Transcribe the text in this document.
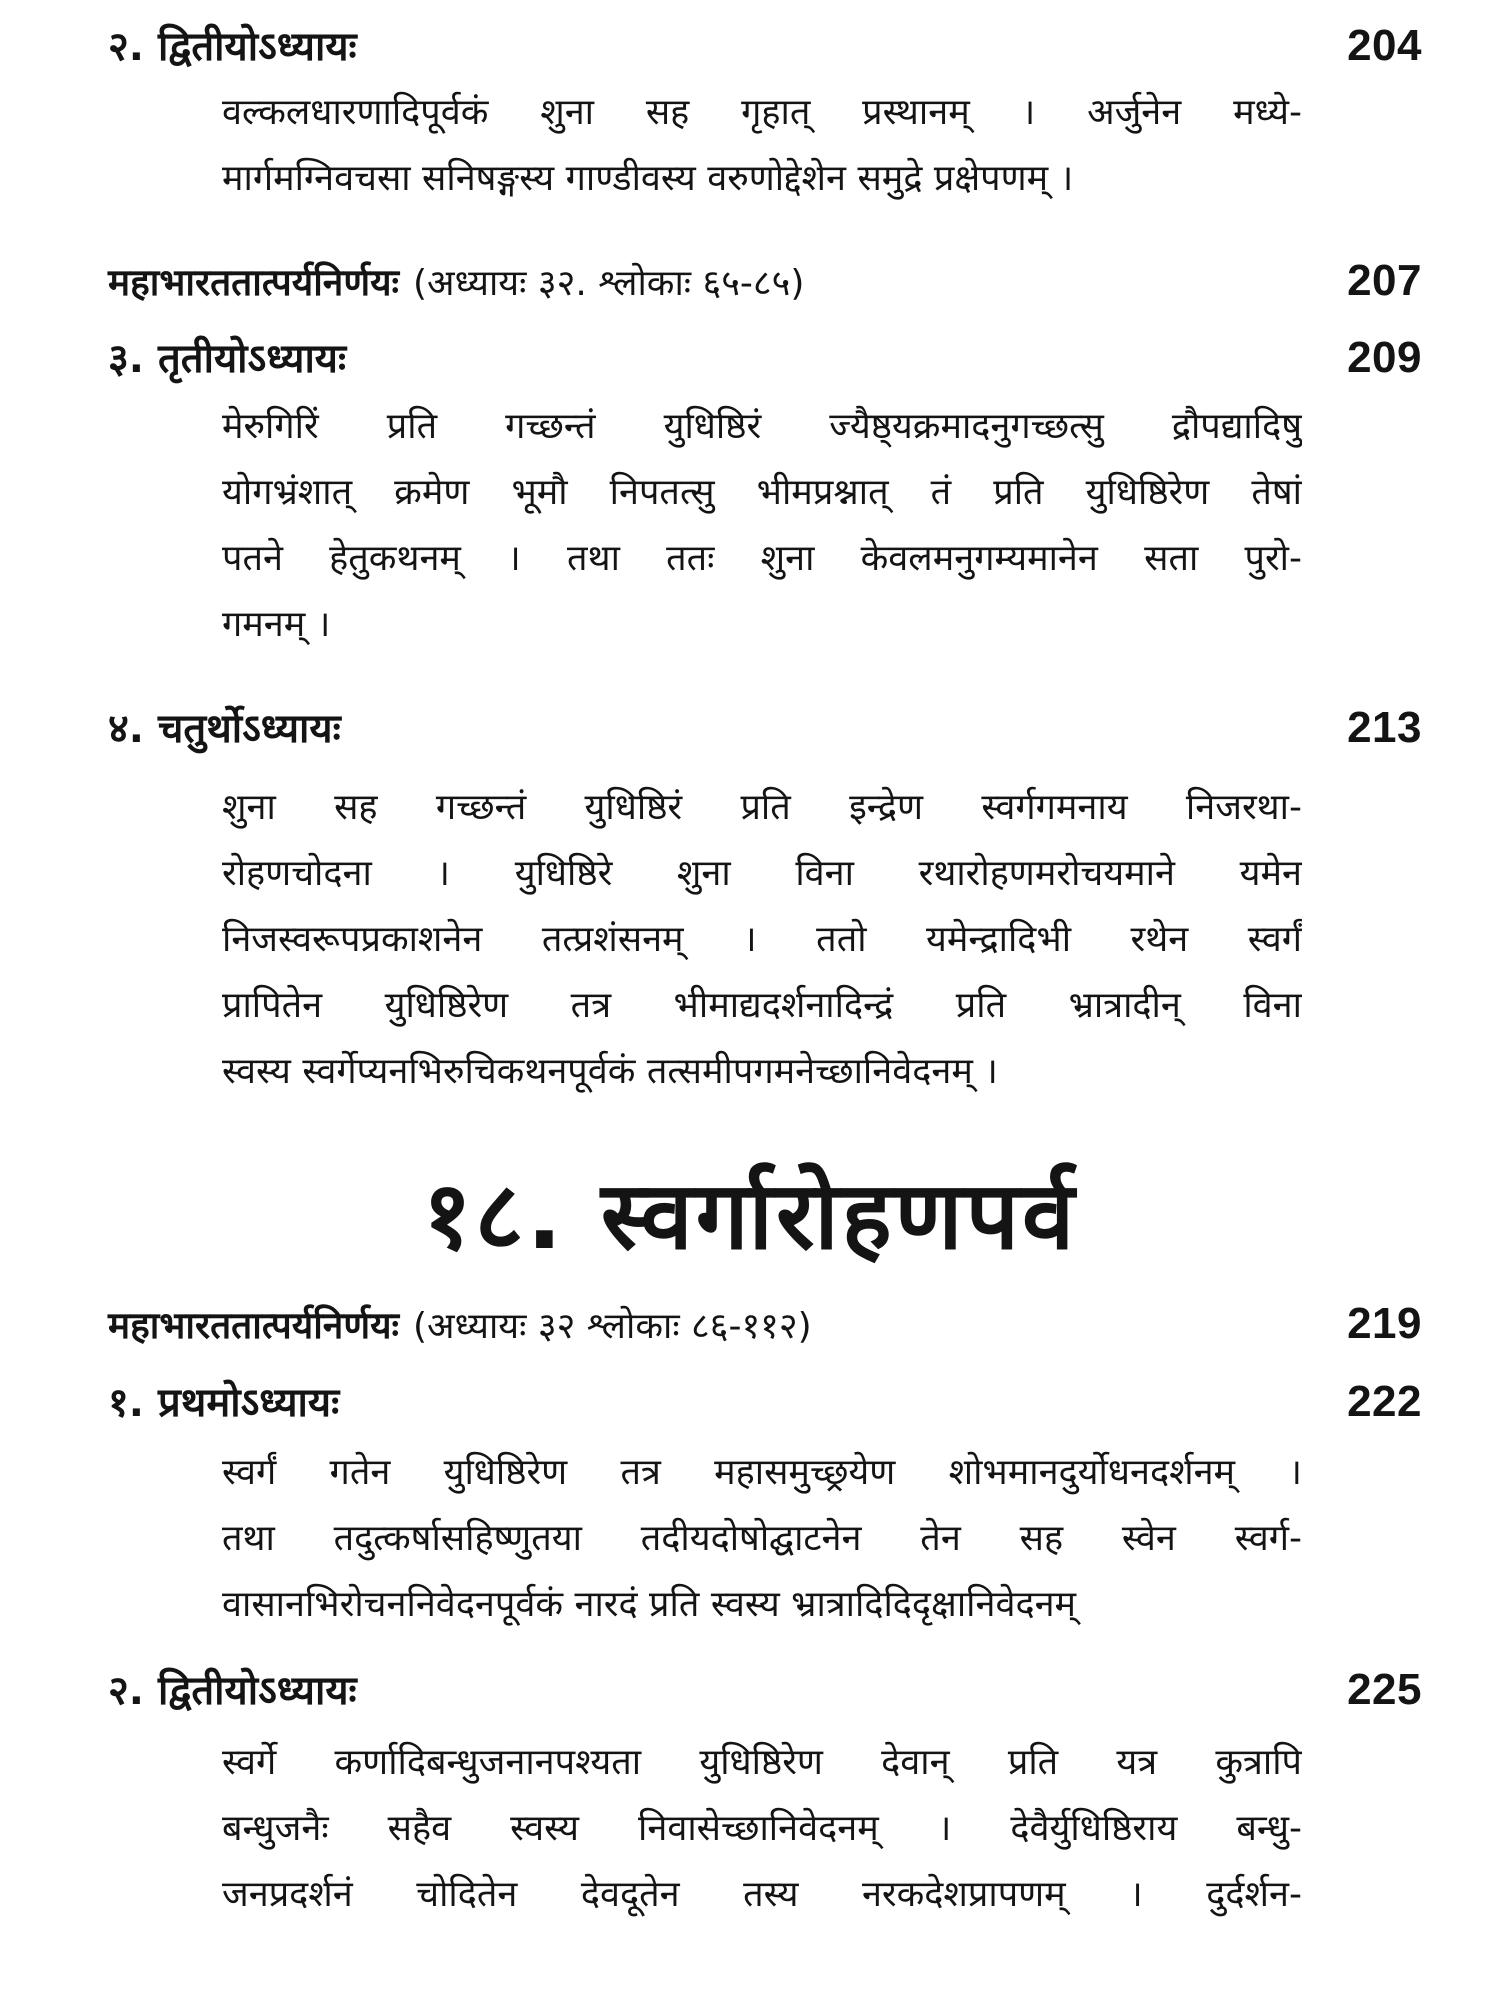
२. द्वितीयोऽध्यायः	204
वल्कलधारणादिपूर्वकं शुना सह गृहात् प्रस्थानम् । अर्जुनेन मध्ये-
मार्गमग्निवचसा सनिषङ्गस्य गाण्डीवस्य वरुणोद्देशेन समुद्रे प्रक्षेपणम् ।
महाभारततात्पर्यनिर्णयः (अध्यायः ३२. श्लोकाः ६५-८५)	207
३. तृतीयोऽध्यायः	209
मेरुगिरिं प्रति गच्छन्तं युधिष्ठिरं ज्यैष्ठ्यक्रमादनुगच्छत्सु द्रौपद्यादिषु
योगभ्रंशात् क्रमेण भूमौ निपतत्सु भीमप्रश्नात् तं प्रति युधिष्ठिरेण तेषां
पतने हेतुकथनम् । तथा ततः शुना केवलमनुगम्यमानेन सता पुरो-
गमनम् ।
४. चतुर्थोऽध्यायः	213
शुना सह गच्छन्तं युधिष्ठिरं प्रति इन्द्रेण स्वर्गगमनाय निजरथा-
रोहणचोदना । युधिष्ठिरे शुना विना रथारोहणमरोचयमाने यमेन
निजस्वरूपप्रकाशनेन तत्प्रशंसनम् । ततो यमेन्द्रादिभी रथेन स्वर्गं
प्रापितेन युधिष्ठिरेण तत्र भीमाद्यदर्शनादिन्द्रं प्रति भ्रात्रादीन् विना
स्वस्य स्वर्गेप्यनभिरुचिकथनपूर्वकं तत्समीपगमनेच्छानिवेदनम् ।
१८. स्वर्गारोहणपर्व
महाभारततात्पर्यनिर्णयः (अध्यायः ३२ श्लोकाः ८६-११२)	219
१. प्रथमोऽध्यायः	222
स्वर्गं गतेन युधिष्ठिरेण तत्र महासमुच्छ्रयेण शोभमानदुर्योधनदर्शनम् ।
तथा तदुत्कर्षासहिष्णुतया तदीयदोषोद्घाटनेन तेन सह स्वेन स्वर्ग-
वासानभिरोचननिवेदनपूर्वकं नारदं प्रति स्वस्य भ्रात्रादिदिदृक्षानिवेदनम्
२. द्वितीयोऽध्यायः	225
स्वर्गे कर्णादिबन्धुजनानपश्यता युधिष्ठिरेण देवान् प्रति यत्र कुत्रापि
बन्धुजनैः सहैव स्वस्य निवासेच्छानिवेदनम् । देवैर्युधिष्ठिराय बन्धु-
जनप्रदर्शनं चोदितेन देवदूतेन तस्य नरकदेशप्रापणम् । दुर्दर्शन-
